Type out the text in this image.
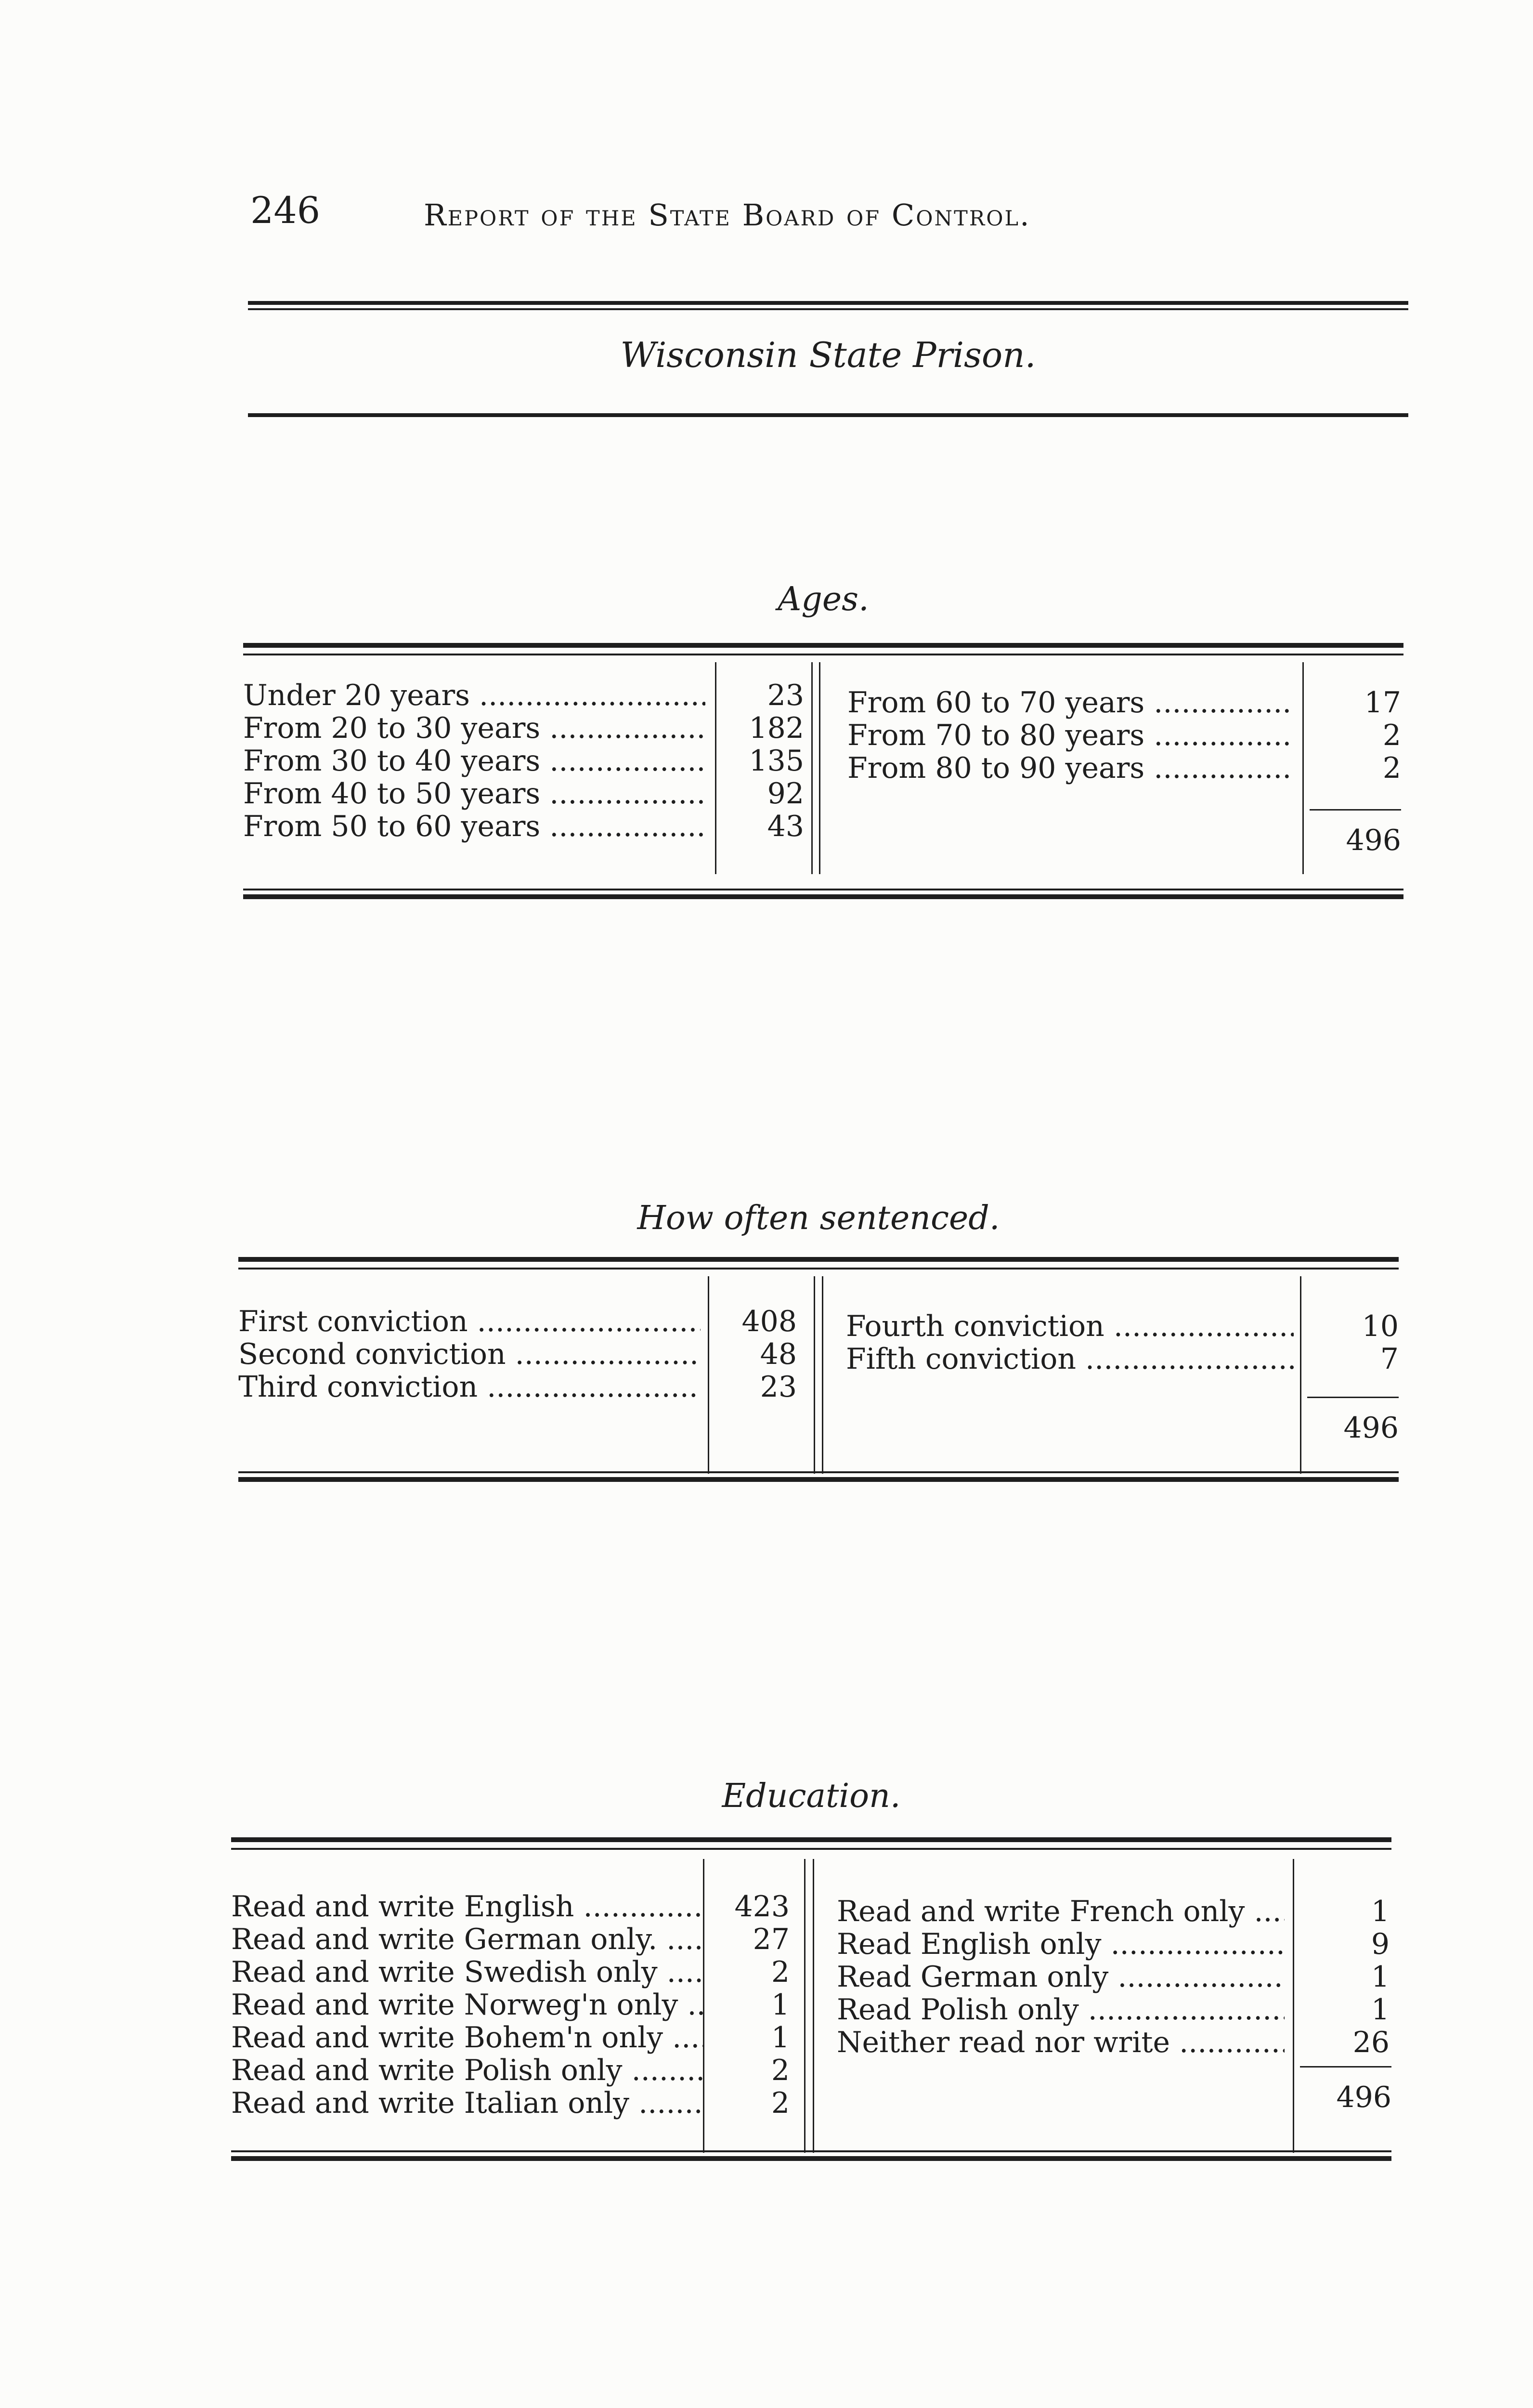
246	Report of the State Board of Control.
Wisconsin State Prison.
Ages.
Under 20 years .....	23
From 20 to 30 years .....	182
From 30 to 40 years .....	135
From 40 to 50 years .....	92
From 50 to 60 years .....	43
From 60 to 70 years .....	17
From 70 to 80 years .....	2
From 80 to 90 years .....	2
496
How often sentenced.
First conviction .....	408
Second conviction .....	48
Third conviction .....	23
Fourth conviction .....	10
Fifth conviction .....	7
496
Education.
Read and write English .....	423
Read and write German only. .....	27
Read and write Swedish only .....	2
Read and write Norweg'n only .....	1
Read and write Bohem'n only .....	1
Read and write Polish only .....	2
Read and write Italian only .....	2
Read and write French only .....	1
Read English only .....	9
Read German only .....	1
Read Polish only .....	1
Neither read nor write .....	26
496
